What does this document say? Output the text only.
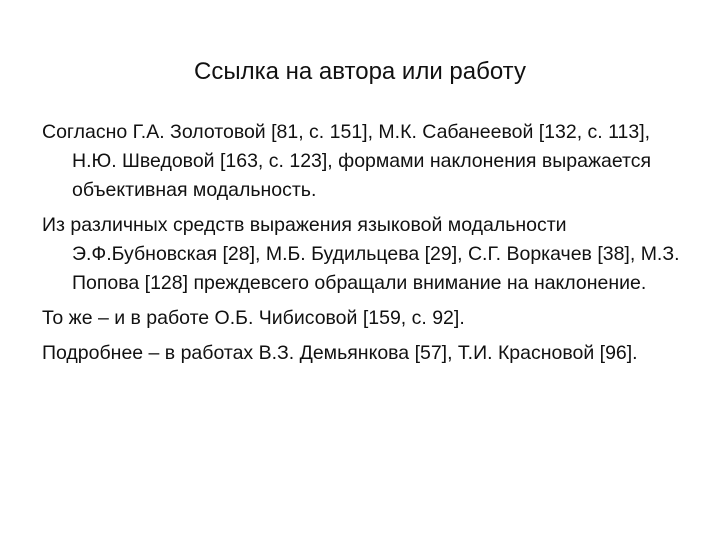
Ссылка на автора или работу
Согласно Г.А. Золотовой [81, с. 151], М.К. Сабанеевой [132, с. 113], Н.Ю. Шведовой [163, с. 123], формами наклонения выражается объективная модальность.
Из различных средств выражения языковой модальности Э.Ф.Бубновская [28], М.Б. Будильцева [29], С.Г. Воркачев [38], М.З. Попова [128] преждевсего обращали внимание на наклонение.
То же – и в работе О.Б. Чибисовой [159, с. 92].
Подробнее – в работах В.З. Демьянкова [57], Т.И. Красновой [96].
